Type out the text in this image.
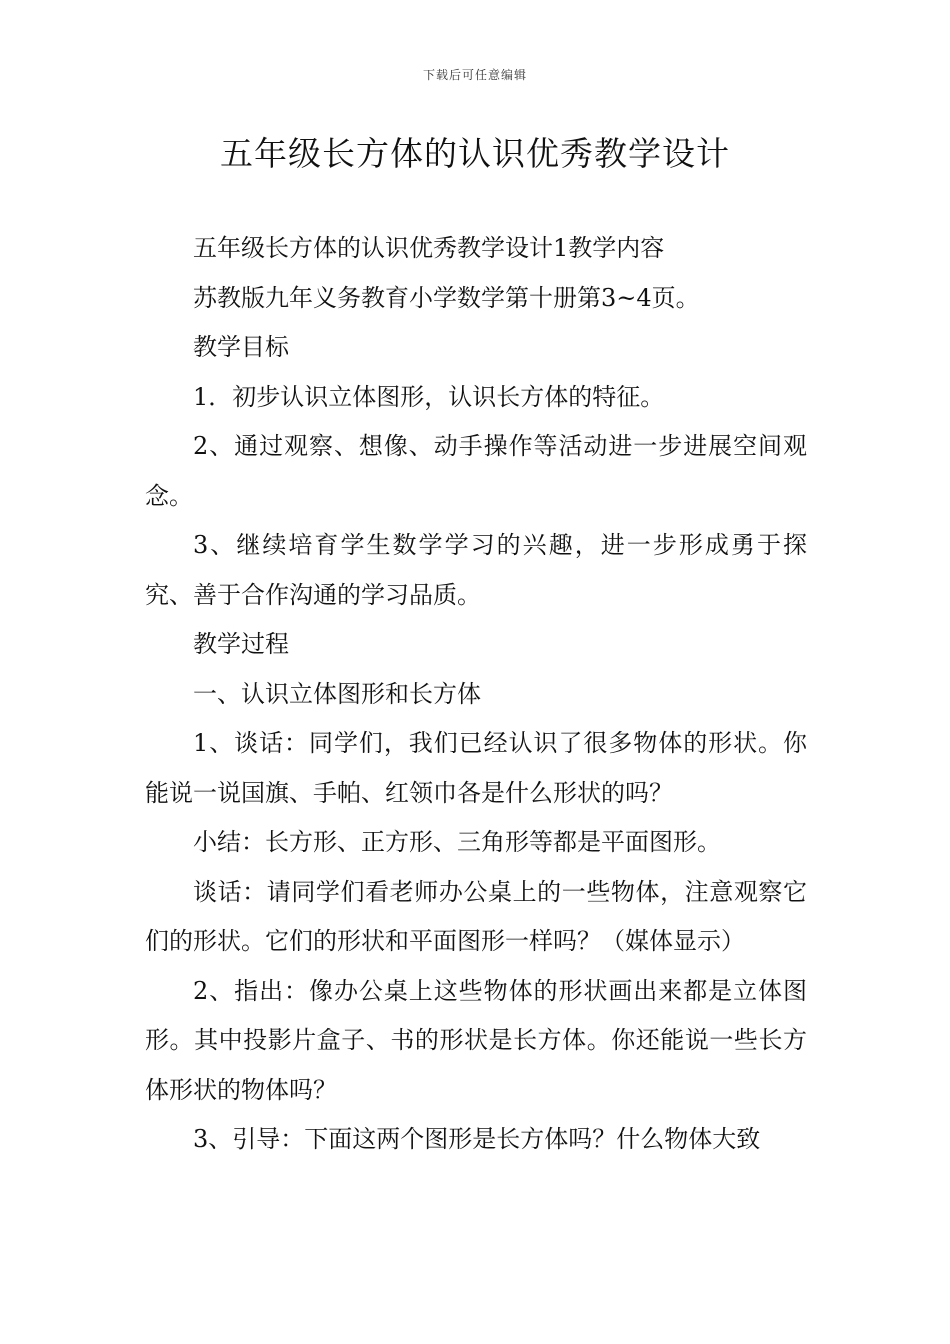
下载后可任意编辑
五年级长方体的认识优秀教学设计

五年级长方体的认识优秀教学设计1教学内容

苏教版九年义务教育小学数学第十册第3~4页。

教学目标

1．初步认识立体图形，认识长方体的特征。

2、通过观察、想像、动手操作等活动进一步进展空间观念。

3、继续培育学生数学学习的兴趣，进一步形成勇于探究、善于合作沟通的学习品质。

教学过程

一、认识立体图形和长方体

1、谈话：同学们，我们已经认识了很多物体的形状。你能说一说国旗、手帕、红领巾各是什么形状的吗？

小结：长方形、正方形、三角形等都是平面图形。

谈话：请同学们看老师办公桌上的一些物体，注意观察它们的形状。它们的形状和平面图形一样吗？（媒体显示）

2、指出：像办公桌上这些物体的形状画出来都是立体图形。其中投影片盒子、书的形状是长方体。你还能说一些长方体形状的物体吗？

3、引导：下面这两个图形是长方体吗？什么物体大致
